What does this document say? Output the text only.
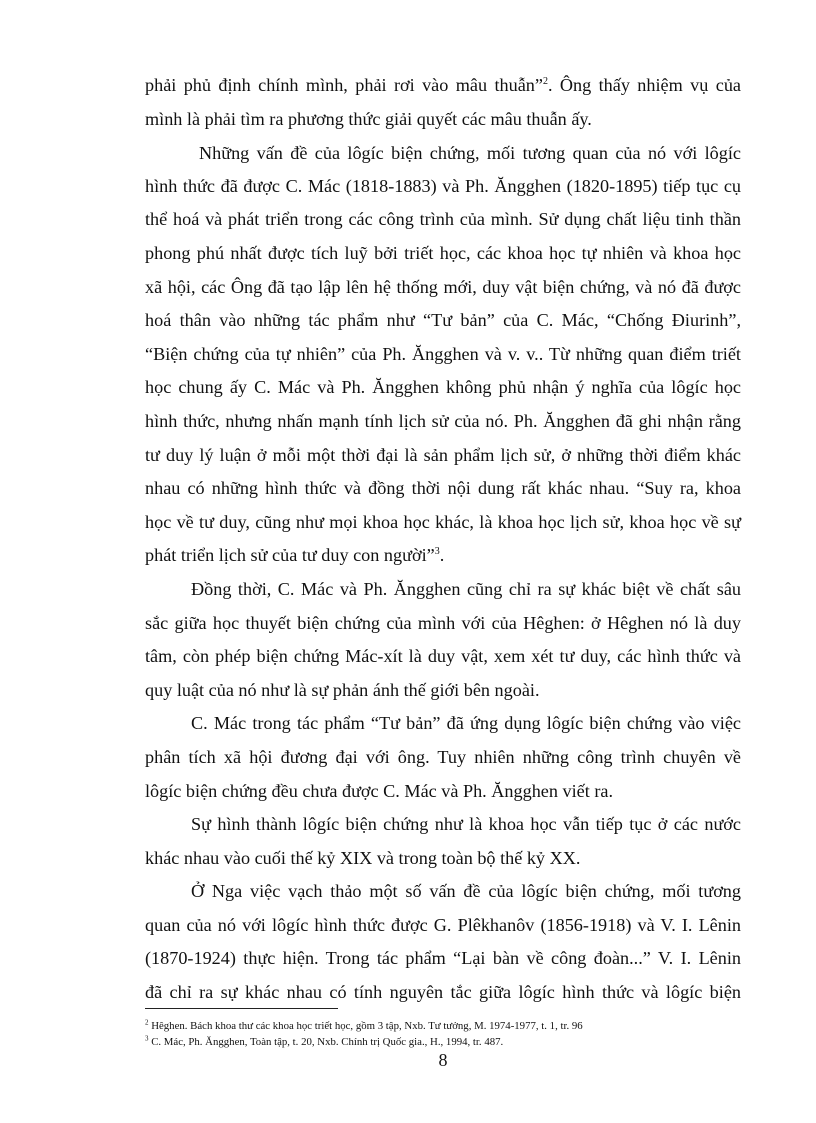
phải phủ định chính mình, phải rơi vào mâu thuẫn”$^2$. Ông thấy nhiệm vụ của
mình là phải tìm ra phương thức giải quyết các mâu thuẫn ấy.
Những vấn đề của lôgíc biện chứng, mối tương quan của nó với lôgíc
hình thức đã được C. Mác (1818-1883) và Ph. Ăngghen (1820-1895) tiếp tục cụ
thể hoá và phát triển trong các công trình của mình. Sử dụng chất liệu tinh thần
phong phú nhất được tích luỹ bởi triết học, các khoa học tự nhiên và khoa học
xã hội, các Ông đã tạo lập lên hệ thống mới, duy vật biện chứng, và nó đã được
hoá thân vào những tác phẩm như “Tư bản” của C. Mác, “Chống Điurinh”,
“Biện chứng của tự nhiên” của Ph. Ăngghen và v. v.. Từ những quan điểm triết
học chung ấy C. Mác và Ph. Ăngghen không phủ nhận ý nghĩa của lôgíc học
hình thức, nhưng nhấn mạnh tính lịch sử của nó. Ph. Ăngghen đã ghi nhận rằng
tư duy lý luận ở mỗi một thời đại là sản phẩm lịch sử, ở những thời điểm khác
nhau có những hình thức và đồng thời nội dung rất khác nhau. “Suy ra, khoa
học về tư duy, cũng như mọi khoa học khác, là khoa học lịch sử, khoa học về sự
phát triển lịch sử của tư duy con người”$^3$.
Đồng thời, C. Mác và Ph. Ăngghen cũng chỉ ra sự khác biệt về chất sâu
sắc giữa học thuyết biện chứng của mình với của Hêghen: ở Hêghen nó là duy
tâm, còn phép biện chứng Mác-xít là duy vật, xem xét tư duy, các hình thức và
quy luật của nó như là sự phản ánh thế giới bên ngoài.
C. Mác trong tác phẩm “Tư bản” đã ứng dụng lôgíc biện chứng vào việc
phân tích xã hội đương đại với ông. Tuy nhiên những công trình chuyên về
lôgíc biện chứng đều chưa được C. Mác và Ph. Ăngghen viết ra.
Sự hình thành lôgíc biện chứng như là khoa học vẫn tiếp tục ở các nước
khác nhau vào cuối thế kỷ XIX và trong toàn bộ thế kỷ XX.
Ở Nga việc vạch thảo một số vấn đề của lôgíc biện chứng, mối tương
quan của nó với lôgíc hình thức được G. Plêkhanôv (1856-1918) và V. I. Lênin
(1870-1924) thực hiện. Trong tác phẩm “Lại bàn về công đoàn...” V. I. Lênin
đã chỉ ra sự khác nhau có tính nguyên tắc giữa lôgíc hình thức và lôgíc biện
$^2$ Hêghen. Bách khoa thư các khoa học triết học, gồm 3 tập, Nxb. Tư tưởng, M. 1974-1977, t. 1, tr. 96
$^3$ C. Mác, Ph. Ăngghen, Toàn tập, t. 20, Nxb. Chính trị Quốc gia., H., 1994, tr. 487.
8
